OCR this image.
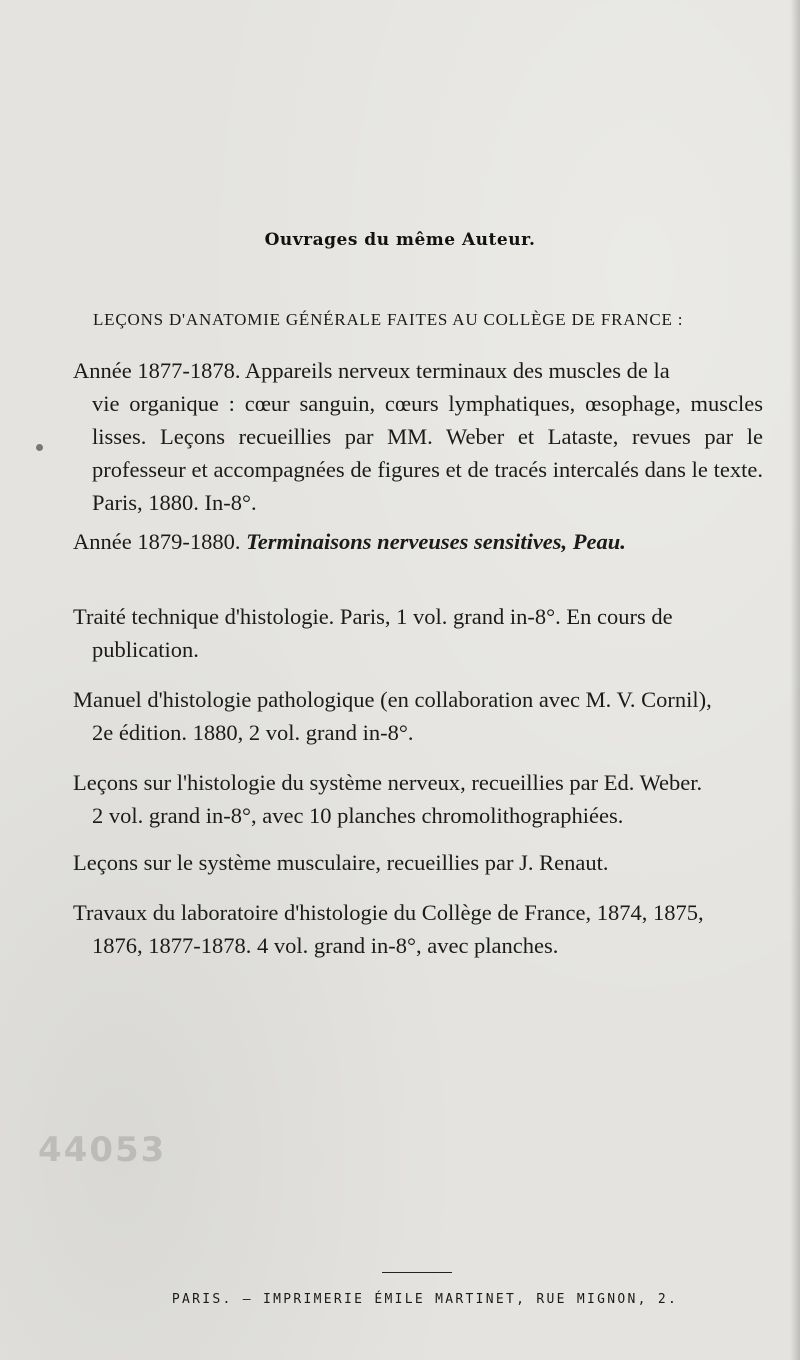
Ouvrages du même Auteur.
LEÇONS D'ANATOMIE GÉNÉRALE FAITES AU COLLÈGE DE FRANCE :
Année 1877-1878. Appareils nerveux terminaux des muscles de la
vie organique : cœur sanguin, cœurs lymphatiques, œsophage, muscles lisses. Leçons recueillies par MM. Weber et Lataste, revues par le professeur et accompagnées de figures et de tracés intercalés dans le texte. Paris, 1880. In-8°.
Année 1879-1880. Terminaisons nerveuses sensitives, Peau.
Traité technique d'histologie. Paris, 1 vol. grand in-8°. En cours de
publication.
Manuel d'histologie pathologique (en collaboration avec M. V. Cornil),
2e édition. 1880, 2 vol. grand in-8°.
Leçons sur l'histologie du système nerveux, recueillies par Ed. Weber.
2 vol. grand in-8°, avec 10 planches chromolithographiées.
Leçons sur le système musculaire, recueillies par J. Renaut.
Travaux du laboratoire d'histologie du Collège de France, 1874, 1875,
1876, 1877-1878. 4 vol. grand in-8°, avec planches.
44053
PARIS. — IMPRIMERIE ÉMILE MARTINET, RUE MIGNON, 2.
